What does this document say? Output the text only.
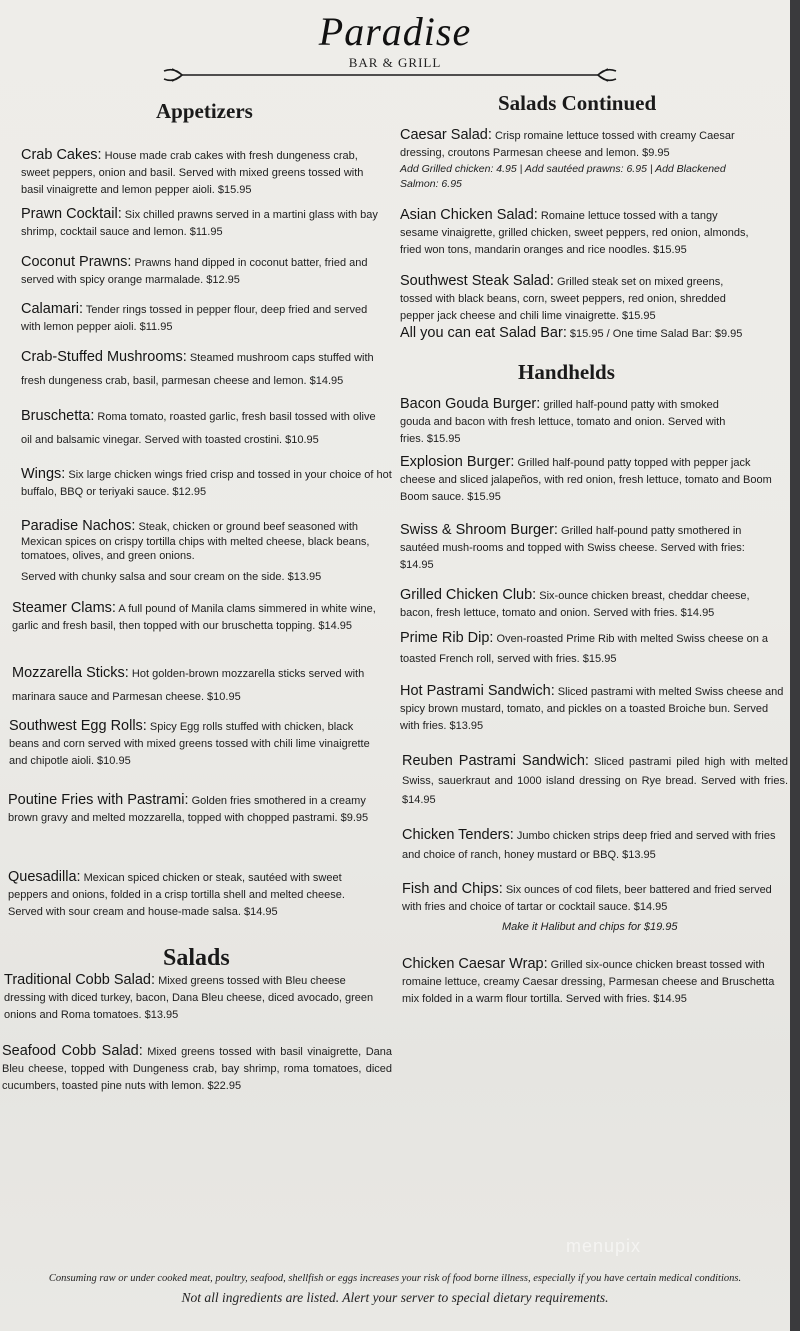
Paradise
BAR & GRILL
Appetizers
Crab Cakes: House made crab cakes with fresh dungeness crab, sweet peppers, onion and basil. Served with mixed greens tossed with basil vinaigrette and lemon pepper aioli. $15.95
Prawn Cocktail: Six chilled prawns served in a martini glass with bay shrimp, cocktail sauce and lemon. $11.95
Coconut Prawns: Prawns hand dipped in coconut batter, fried and served with spicy orange marmalade. $12.95
Calamari: Tender rings tossed in pepper flour, deep fried and served with lemon pepper aioli. $11.95
Crab-Stuffed Mushrooms: Steamed mushroom caps stuffed with fresh dungeness crab, basil, parmesan cheese and lemon. $14.95
Bruschetta: Roma tomato, roasted garlic, fresh basil tossed with olive oil and balsamic vinegar. Served with toasted crostini. $10.95
Wings: Six large chicken wings fried crisp and tossed in your choice of hot buffalo, BBQ or teriyaki sauce. $12.95
Paradise Nachos: Steak, chicken or ground beef seasoned with Mexican spices on crispy tortilla chips with melted cheese, black beans, tomatoes, olives, and green onions.
Served with chunky salsa and sour cream on the side. $13.95
Steamer Clams: A full pound of Manila clams simmered in white wine, garlic and fresh basil, then topped with our bruschetta topping. $14.95
Mozzarella Sticks: Hot golden-brown mozzarella sticks served with marinara sauce and Parmesan cheese. $10.95
Southwest Egg Rolls: Spicy Egg rolls stuffed with chicken, black beans and corn served with mixed greens tossed with chili lime vinaigrette and chipotle aioli. $10.95
Poutine Fries with Pastrami: Golden fries smothered in a creamy brown gravy and melted mozzarella, topped with chopped pastrami. $9.95
Quesadilla: Mexican spiced chicken or steak, sautéed with sweet peppers and onions, folded in a crisp tortilla shell and melted cheese. Served with sour cream and house-made salsa. $14.95
Salads
Traditional Cobb Salad: Mixed greens tossed with Bleu cheese dressing with diced turkey, bacon, Dana Bleu cheese, diced avocado, green onions and Roma tomatoes. $13.95
Seafood Cobb Salad: Mixed greens tossed with basil vinaigrette, Dana Bleu cheese, topped with Dungeness crab, bay shrimp, roma tomatoes, diced cucumbers, toasted pine nuts with lemon. $22.95
Salads Continued
Caesar Salad: Crisp romaine lettuce tossed with creamy Caesar dressing, croutons Parmesan cheese and lemon. $9.95
Add Grilled chicken: 4.95 | Add sautéed prawns: 6.95 | Add Blackened Salmon: 6.95
Asian Chicken Salad: Romaine lettuce tossed with a tangy sesame vinaigrette, grilled chicken, sweet peppers, red onion, almonds, fried won tons, mandarin oranges and rice noodles. $15.95
Southwest Steak Salad: Grilled steak set on mixed greens, tossed with black beans, corn, sweet peppers, red onion, shredded pepper jack cheese and chili lime vinaigrette. $15.95
All you can eat Salad Bar: $15.95 / One time Salad Bar: $9.95
Handhelds
Bacon Gouda Burger: grilled half-pound patty with smoked gouda and bacon with fresh lettuce, tomato and onion. Served with fries. $15.95
Explosion Burger: Grilled half-pound patty topped with pepper jack cheese and sliced jalapeños, with red onion, fresh lettuce, tomato and Boom Boom sauce. $15.95
Swiss & Shroom Burger: Grilled half-pound patty smothered in sautéed mush-rooms and topped with Swiss cheese. Served with fries: $14.95
Grilled Chicken Club: Six-ounce chicken breast, cheddar cheese, bacon, fresh lettuce, tomato and onion. Served with fries. $14.95
Prime Rib Dip: Oven-roasted Prime Rib with melted Swiss cheese on a toasted French roll, served with fries. $15.95
Hot Pastrami Sandwich: Sliced pastrami with melted Swiss cheese and spicy brown mustard, tomato, and pickles on a toasted Broiche bun. Served with fries. $13.95
Reuben Pastrami Sandwich: Sliced pastrami piled high with melted Swiss, sauerkraut and 1000 island dressing on Rye bread. Served with fries. $14.95
Chicken Tenders: Jumbo chicken strips deep fried and served with fries and choice of ranch, honey mustard or BBQ. $13.95
Fish and Chips: Six ounces of cod filets, beer battered and fried served with fries and choice of tartar or cocktail sauce. $14.95
Make it Halibut and chips for $19.95
Chicken Caesar Wrap: Grilled six-ounce chicken breast tossed with romaine lettuce, creamy Caesar dressing, Parmesan cheese and Bruschetta mix folded in a warm flour tortilla. Served with fries. $14.95
menupix
Consuming raw or under cooked meat, poultry, seafood, shellfish or eggs increases your risk of food borne illness, especially if you have certain medical conditions.
Not all ingredients are listed. Alert your server to special dietary requirements.
